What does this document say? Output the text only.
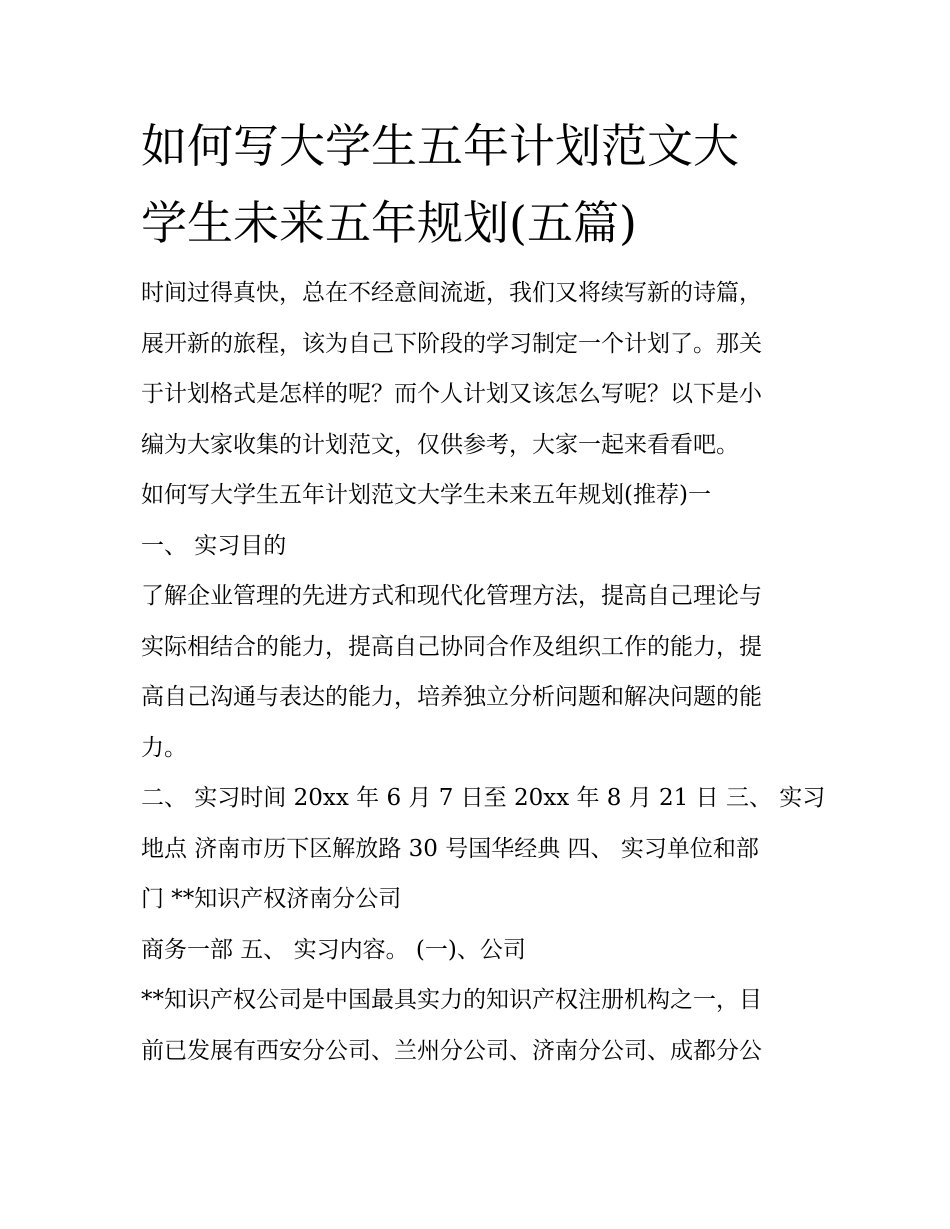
如何写大学生五年计划范文大
学生未来五年规划(五篇)

时间过得真快，总在不经意间流逝，我们又将续写新的诗篇，

展开新的旅程，该为自己下阶段的学习制定一个计划了。那关

于计划格式是怎样的呢？而个人计划又该怎么写呢？以下是小

编为大家收集的计划范文，仅供参考，大家一起来看看吧。

如何写大学生五年计划范文大学生未来五年规划(推荐)一

一、 实习目的

了解企业管理的先进方式和现代化管理方法，提高自己理论与

实际相结合的能力，提高自己协同合作及组织工作的能力，提

高自己沟通与表达的能力，培养独立分析问题和解决问题的能

力。

二、 实习时间 20xx 年 6 月 7 日至 20xx 年 8 月 21 日 三、 实习

地点 济南市历下区解放路 30 号国华经典 四、 实习单位和部

门 **知识产权济南分公司

商务一部 五、 实习内容。 (一)、公司

**知识产权公司是中国最具实力的知识产权注册机构之一，目

前已发展有西安分公司、兰州分公司、济南分公司、成都分公
